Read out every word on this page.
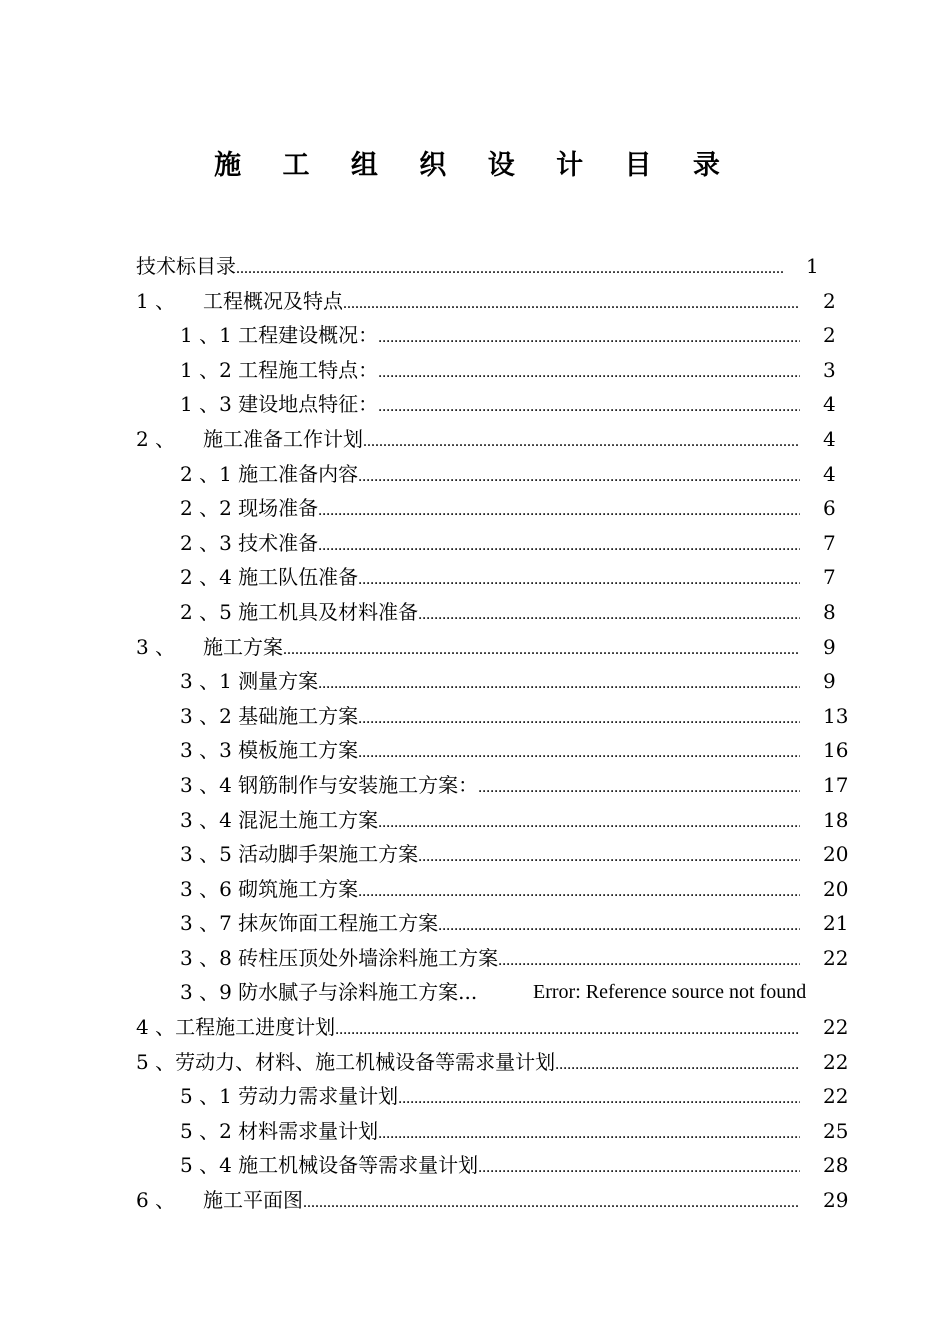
施 工 组 织 设 计 目 录
技术标目录 .....	1
1 、 工程概况及特点 .....	2
1 、1 工程建设概况： .....	2
1 、2 工程施工特点： .....	3
1 、3 建设地点特征： .....	4
2 、 施工准备工作计划 .....	4
2 、1 施工准备内容 .....	4
2 、2 现场准备 .....	6
2 、3 技术准备 .....	7
2 、4 施工队伍准备 .....	7
2 、5 施工机具及材料准备 .....	8
3 、 施工方案 .....	9
3 、1 测量方案 .....	9
3 、2 基础施工方案 .....	13
3 、3 模板施工方案 .....	16
3 、4 钢筋制作与安装施工方案： .....	17
3 、4 混泥土施工方案 .....	18
3 、5 活动脚手架施工方案 .....	20
3 、6 砌筑施工方案 .....	20
3 、7 抹灰饰面工程施工方案 .....	21
3 、8 砖柱压顶处外墙涂料施工方案 .....	22
3 、9 防水腻子与涂料施工方案...	Error: Reference source not found
4 、工程施工进度计划 .....	22
5 、劳动力、材料、施工机械设备等需求量计划 .....	22
5 、1 劳动力需求量计划 .....	22
5 、2 材料需求量计划 .....	25
5 、4 施工机械设备等需求量计划 .....	28
6 、 施工平面图 .....	29
